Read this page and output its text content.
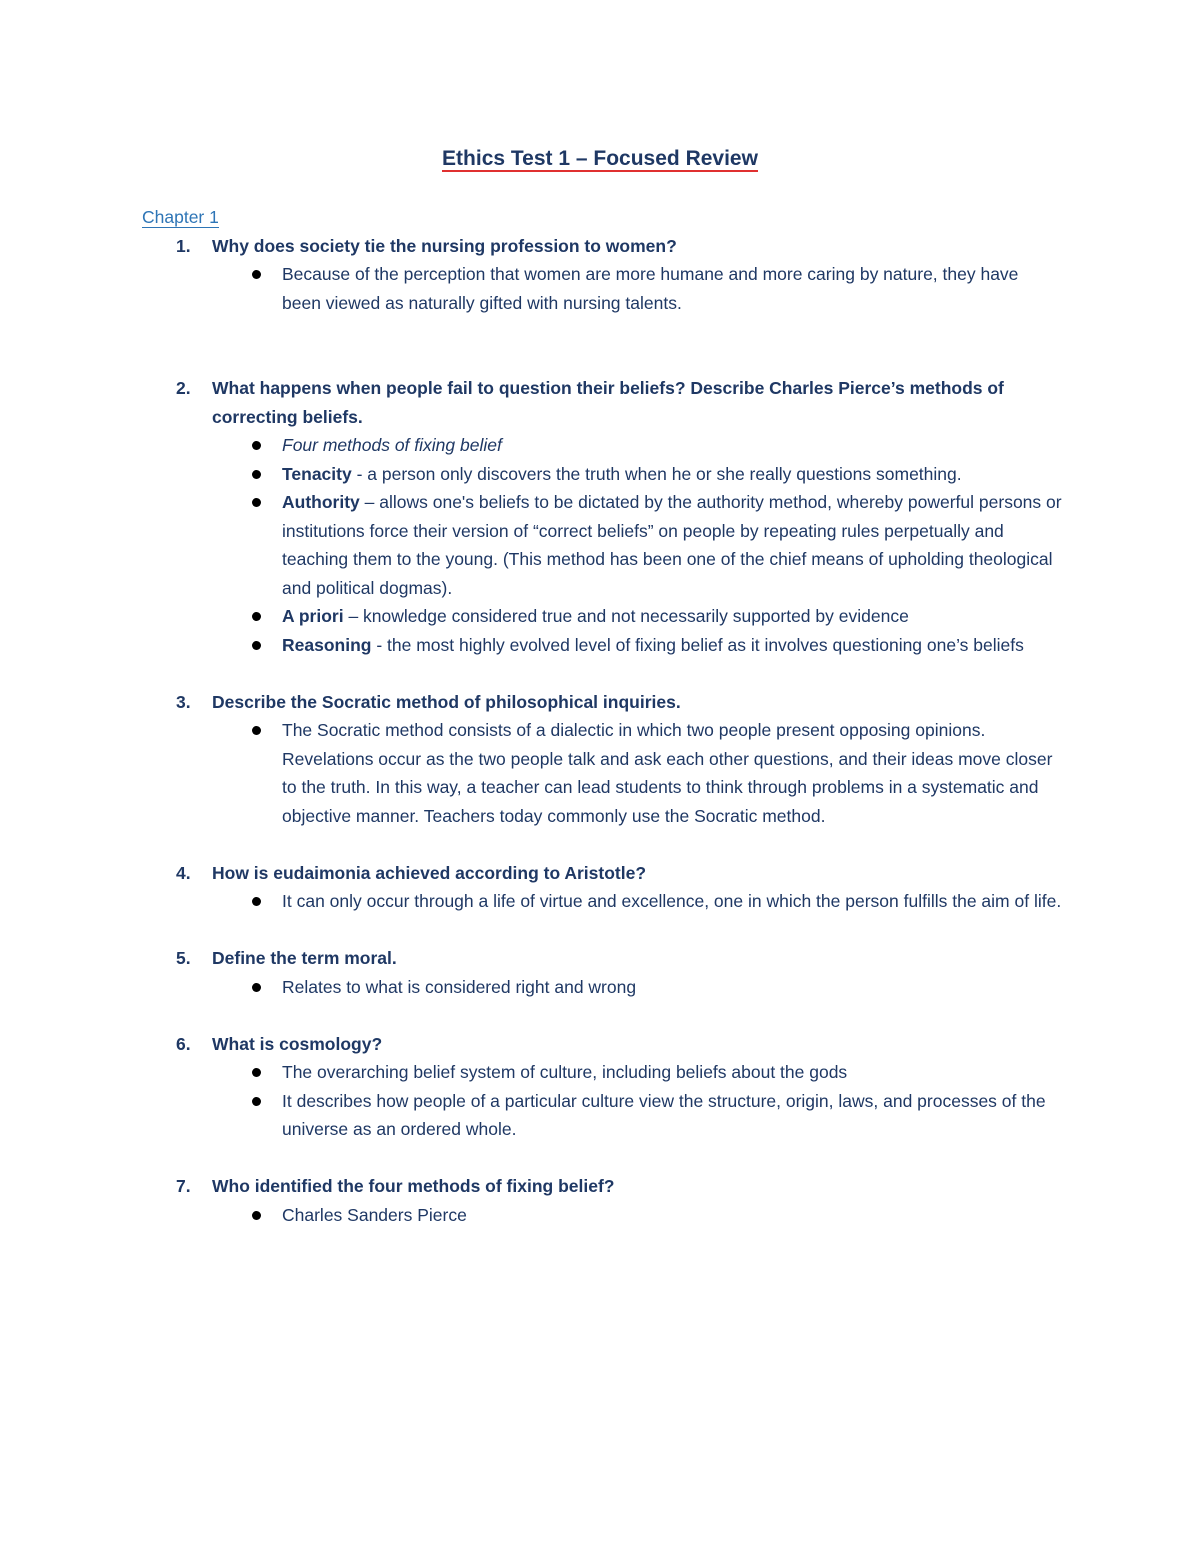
Ethics Test 1 – Focused Review

Chapter 1

1. Why does society tie the nursing profession to women?

Because of the perception that women are more humane and more caring by nature, they have been viewed as naturally gifted with nursing talents.
2. What happens when people fail to question their beliefs? Describe Charles Pierce’s methods of correcting beliefs.

Four methods of fixing belief
Tenacity - a person only discovers the truth when he or she really questions something.
Authority – allows one's beliefs to be dictated by the authority method, whereby powerful persons or institutions force their version of “correct beliefs” on people by repeating rules perpetually and teaching them to the young. (This method has been one of the chief means of upholding theological and political dogmas).
A priori – knowledge considered true and not necessarily supported by evidence
Reasoning - the most highly evolved level of fixing belief as it involves questioning one’s beliefs
3. Describe the Socratic method of philosophical inquiries.

The Socratic method consists of a dialectic in which two people present opposing opinions. Revelations occur as the two people talk and ask each other questions, and their ideas move closer to the truth. In this way, a teacher can lead students to think through problems in a systematic and objective manner. Teachers today commonly use the Socratic method.
4. How is eudaimonia achieved according to Aristotle?

It can only occur through a life of virtue and excellence, one in which the person fulfills the aim of life.
5. Define the term moral.

Relates to what is considered right and wrong
6. What is cosmology?

The overarching belief system of culture, including beliefs about the gods
It describes how people of a particular culture view the structure, origin, laws, and processes of the universe as an ordered whole.
7. Who identified the four methods of fixing belief?

Charles Sanders Pierce
